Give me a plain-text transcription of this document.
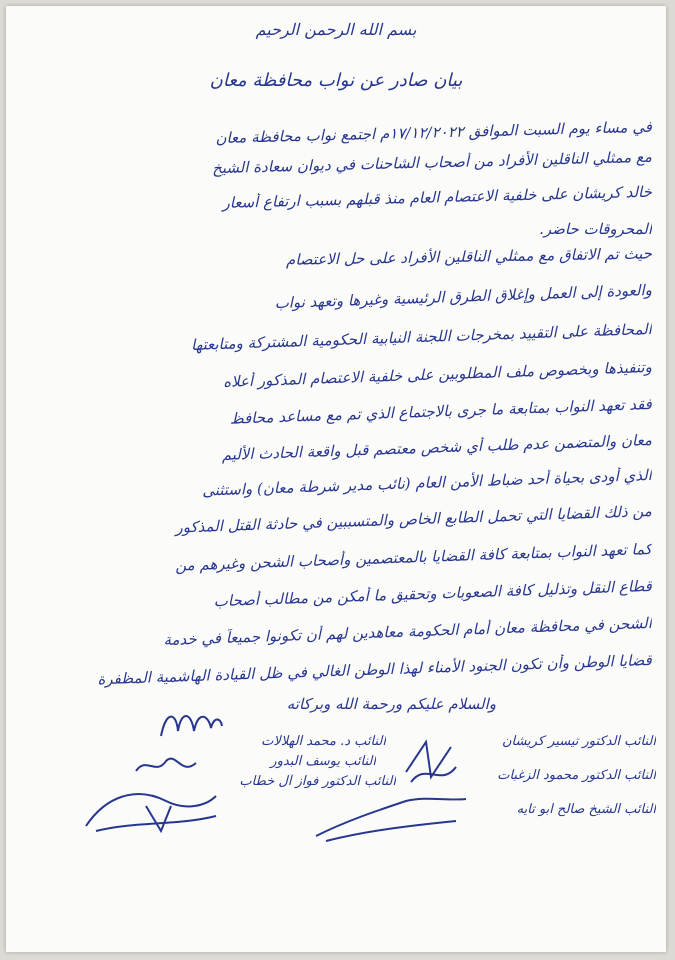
بسم الله الرحمن الرحيم
بيان صادر عن نواب محافظة معان
في مساء يوم السبت الموافق ١٧/١٢/٢٠٢٢م اجتمع نواب محافظة معان
مع ممثلي الناقلين الأفراد من أصحاب الشاحنات في ديوان سعادة الشيخ
خالد كريشان على خلفية الاعتصام العام منذ قبلهم بسبب ارتفاع أسعار
المحروقات حاضر.
حيث تم الاتفاق مع ممثلي الناقلين الأفراد على حل الاعتصام
والعودة إلى العمل وإغلاق الطرق الرئيسية وغيرها وتعهد نواب
المحافظة على التقييد بمخرجات اللجنة النيابية الحكومية المشتركة ومتابعتها
وتنفيذها وبخصوص ملف المطلوبين على خلفية الاعتصام المذكور أعلاه
فقد تعهد النواب بمتابعة ما جرى بالاجتماع الذي تم مع مساعد محافظ
معان والمتضمن عدم طلب أي شخص معتصم قبل واقعة الحادث الأليم
الذي أودى بحياة أحد ضباط الأمن العام (نائب مدير شرطة معان) واستثنى
من ذلك القضايا التي تحمل الطابع الخاص والمتسببين في حادثة القتل المذكور
كما تعهد النواب بمتابعة كافة القضايا بالمعتصمين وأصحاب الشحن وغيرهم من
قطاع النقل وتذليل كافة الصعوبات وتحقيق ما أمكن من مطالب أصحاب
الشحن في محافظة معان أمام الحكومة معاهدين لهم أن تكونوا جميعاً في خدمة
قضايا الوطن وأن تكون الجنود الأمناء لهذا الوطن الغالي في ظل القيادة الهاشمية المظفرة
والسلام عليكم ورحمة الله وبركاته
النائب د. محمد الهلالات	النائب الدكتور تيسير كريشان
النائب يوسف البدور
النائب الدكتور محمود الزغبات
النائب الدكتور فواز آل خطاب
النائب الشيخ صالح ابو تايه
